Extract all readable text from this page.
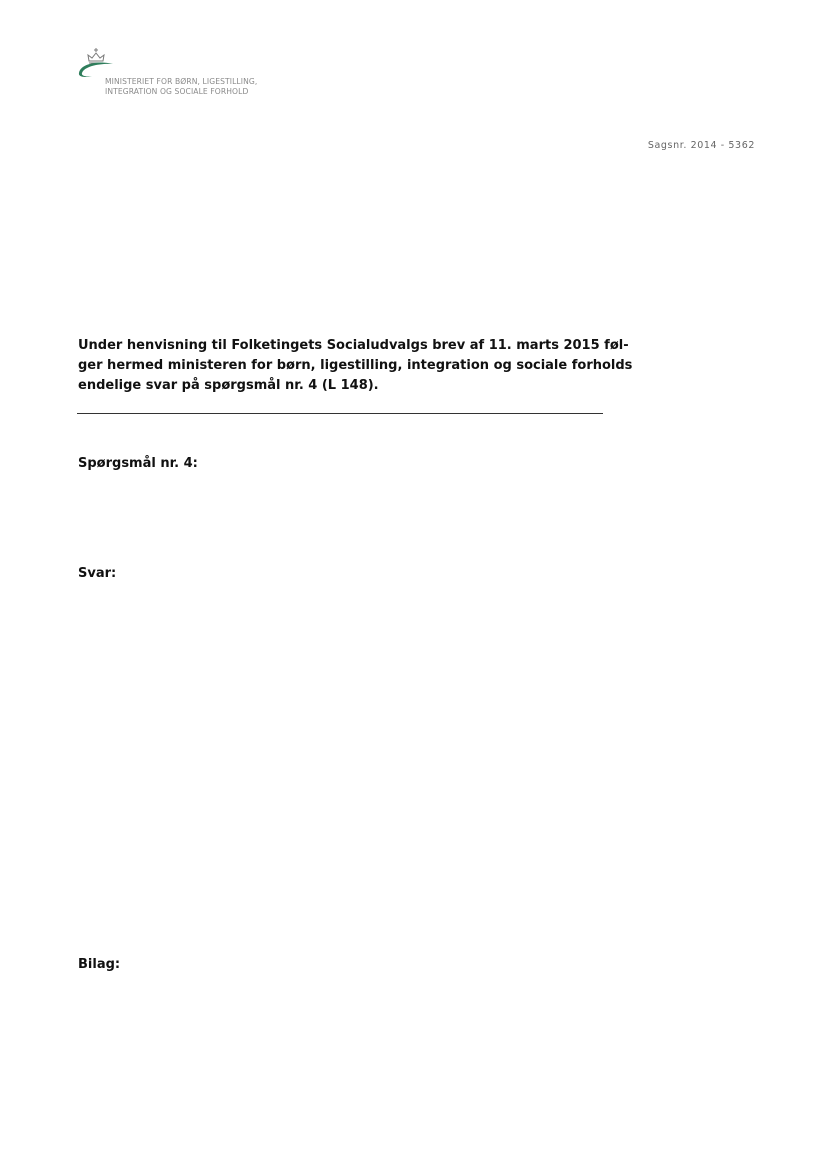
MINISTERIET FOR BØRN, LIGESTILLING,
INTEGRATION OG SOCIALE FORHOLD
Sagsnr. 2014 - 5362

Under henvisning til Folketingets Socialudvalgs brev af 11. marts 2015 føl-
ger hermed ministeren for børn, ligestilling, integration og sociale forholds
endelige svar på spørgsmål nr. 4 (L 148).

Spørgsmål nr. 4:
Svar:
Bilag:
